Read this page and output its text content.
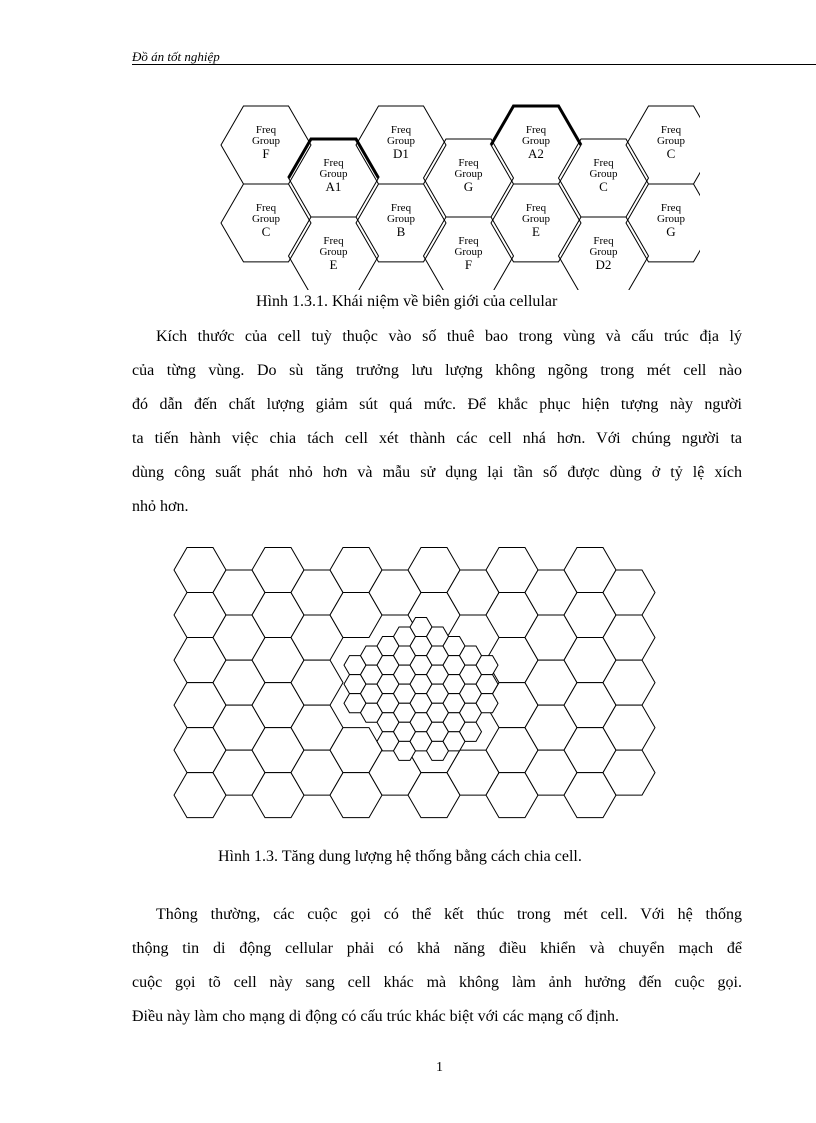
Đồ án tốt nghiệp
Freq
Group
F
Freq
Group
C
Freq
Group
A1
Freq
Group
E
Freq
Group
D1
Freq
Group
B
Freq
Group
G
Freq
Group
F
Freq
Group
A2
Freq
Group
E
Freq
Group
C
Freq
Group
D2
Freq
Group
C
Freq
Group
G
Hình 1.3.1. Khái niệm về biên giới của cellular
Kích thước của cell tuỳ thuộc vào số thuê bao trong vùng và cấu trúc địa lý
của từng vùng. Do sù tăng trưởng lưu lượng không ngõng trong mét cell nào
đó dẫn đến chất lượng giảm sút quá mức. Để khắc phục hiện tượng này người
ta tiến hành việc chia tách cell xét thành các cell nhá hơn. Với chúng người ta
dùng công suất phát nhỏ hơn và mẫu sử dụng lại tần số được dùng ở tỷ lệ xích
nhỏ hơn.
Hình 1.3. Tăng dung lượng hệ thống bằng cách chia cell.
Thông thường, các cuộc gọi có thể kết thúc trong mét cell. Với hệ thống
thộng tin di động cellular phải có khả năng điều khiển và chuyển mạch để
cuộc gọi tõ cell này sang cell khác mà không làm ảnh hưởng đến cuộc gọi.
Điều này làm cho mạng di động có cấu trúc khác biệt với các mạng cố định.
1
